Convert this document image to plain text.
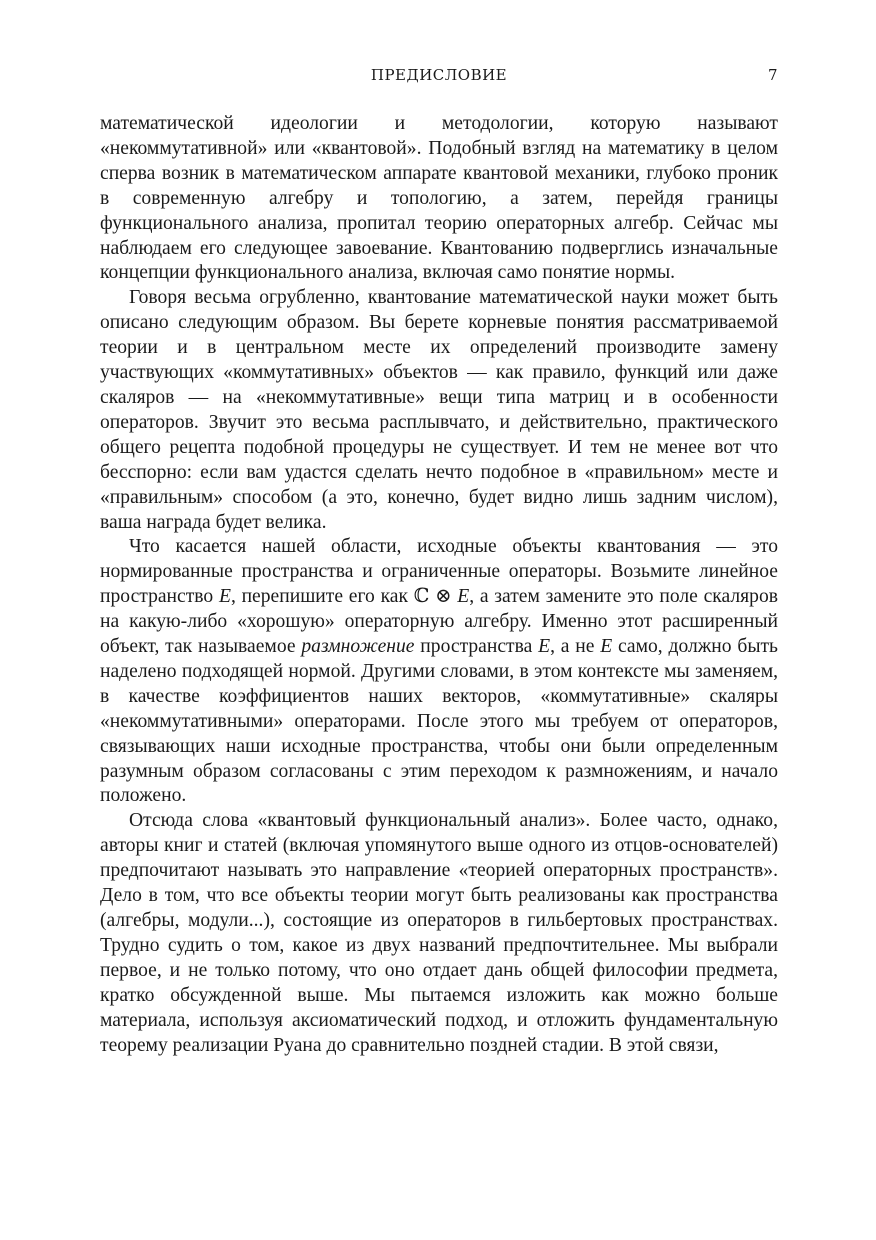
ПРЕДИСЛОВИЕ	7

математической идеологии и методологии, которую называют «некоммутативной» или «квантовой». Подобный взгляд на математику в целом сперва возник в математическом аппарате квантовой механики, глубоко проник в современную алгебру и топологию, а затем, перейдя границы функционального анализа, пропитал теорию операторных алгебр. Сейчас мы наблюдаем его следующее завоевание. Квантованию подверглись изначальные концепции функционального анализа, включая само понятие нормы.

Говоря весьма огрубленно, квантование математической науки может быть описано следующим образом. Вы берете корневые понятия рассматриваемой теории и в центральном месте их определений производите замену участвующих «коммутативных» объектов — как правило, функций или даже скаляров — на «некоммутативные» вещи типа матриц и в особенности операторов. Звучит это весьма расплывчато, и действительно, практического общего рецепта подобной процедуры не существует. И тем не менее вот что бесспорно: если вам удастся сделать нечто подобное в «правильном» месте и «правильным» способом (а это, конечно, будет видно лишь задним числом), ваша награда будет велика.

Что касается нашей области, исходные объекты квантования — это нормированные пространства и ограниченные операторы. Возьмите линейное пространство E, перепишите его как ℂ ⊗ E, а затем замените это поле скаляров на какую-либо «хорошую» операторную алгебру. Именно этот расширенный объект, так называемое размножение пространства E, а не E само, должно быть наделено подходящей нормой. Другими словами, в этом контексте мы заменяем, в качестве коэффициентов наших векторов, «коммутативные» скаляры «некоммутативными» операторами. После этого мы требуем от операторов, связывающих наши исходные пространства, чтобы они были определенным разумным образом согласованы с этим переходом к размножениям, и начало положено.

Отсюда слова «квантовый функциональный анализ». Более часто, однако, авторы книг и статей (включая упомянутого выше одного из отцов-основателей) предпочитают называть это направление «теорией операторных пространств». Дело в том, что все объекты теории могут быть реализованы как пространства (алгебры, модули...), состоящие из операторов в гильбертовых пространствах. Трудно судить о том, какое из двух названий предпочтительнее. Мы выбрали первое, и не только потому, что оно отдает дань общей философии предмета, кратко обсужденной выше. Мы пытаемся изложить как можно больше материала, используя аксиоматический подход, и отложить фундаментальную теорему реализации Руана до сравнительно поздней стадии. В этой связи,
